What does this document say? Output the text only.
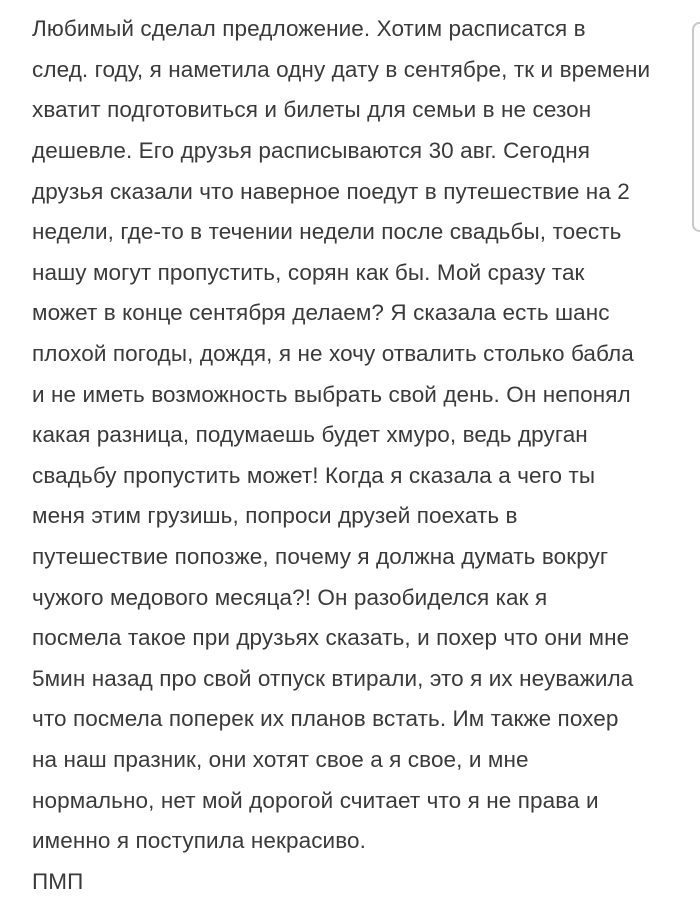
Любимый сделал предложение. Хотим расписатся в
след. году, я наметила одну дату в сентябре, тк и времени
хватит подготовиться и билеты для семьи в не сезон
дешевле. Его друзья расписываются 30 авг. Сегодня
друзья сказали что наверное поедут в путешествие на 2
недели, где-то в течении недели после свадьбы, тоесть
нашу могут пропустить, сорян как бы. Мой сразу так
может в конце сентября делаем? Я сказала есть шанс
плохой погоды, дождя, я не хочу отвалить столько бабла
и не иметь возможность выбрать свой день. Он непонял
какая разница, подумаешь будет хмуро, ведь друган
свадьбу пропустить может! Когда я сказала а чего ты
меня этим грузишь, попроси друзей поехать в
путешествие попозже, почему я должна думать вокруг
чужого медового месяца?! Он разобиделся как я
посмела такое при друзьях сказать, и похер что они мне
5мин назад про свой отпуск втирали, это я их неуважила
что посмела поперек их планов встать. Им также похер
на наш празник, они хотят свое а я свое, и мне
нормально, нет мой дорогой считает что я не права и
именно я поступила некрасиво.
ПМП
